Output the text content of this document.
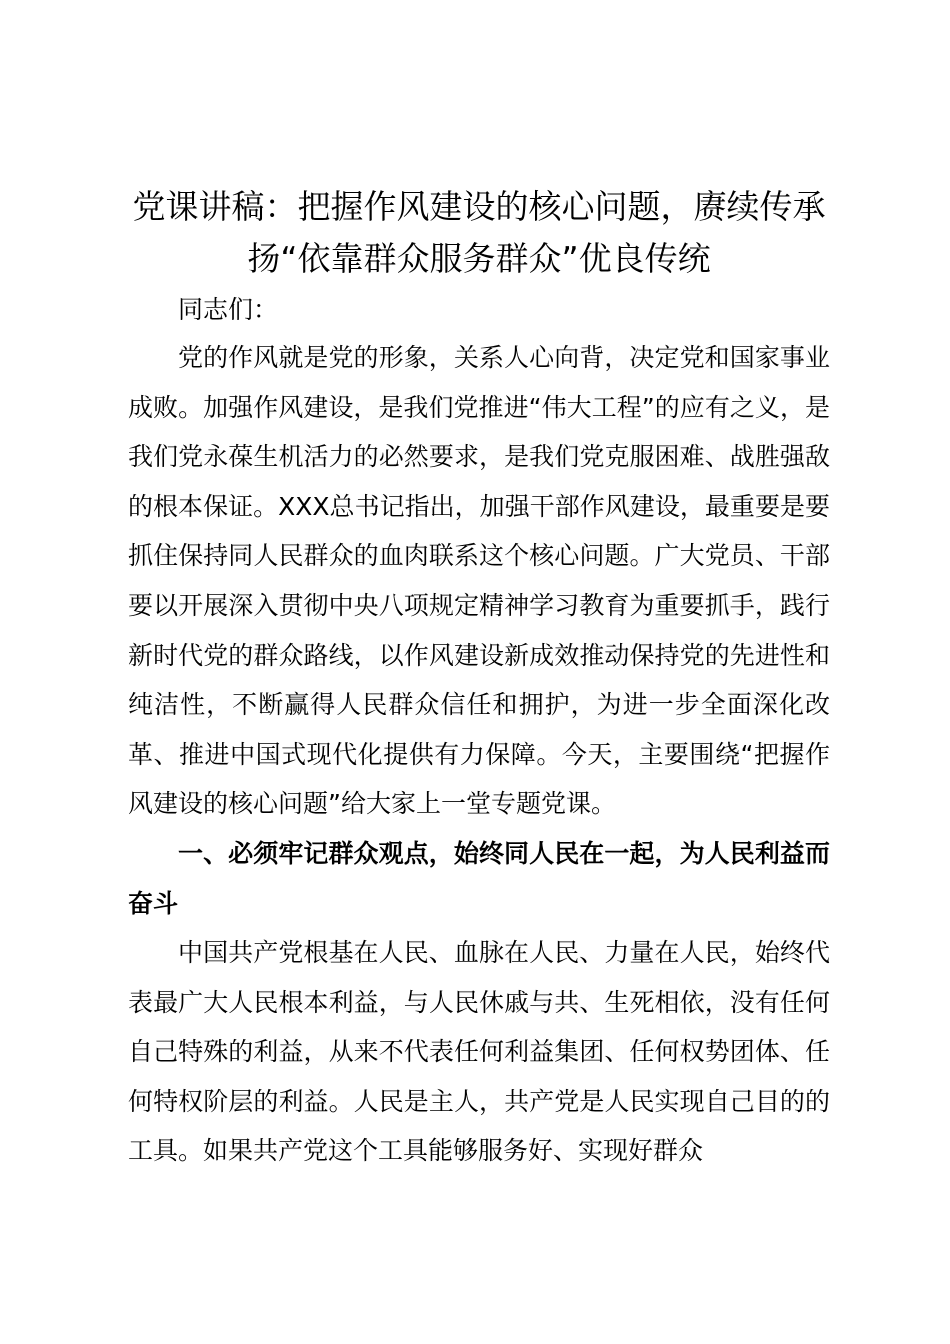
党课讲稿：把握作风建设的核心问题，赓续传承扬“依靠群众服务群众”优良传统

同志们：

党的作风就是党的形象，关系人心向背，决定党和国家事业成败。加强作风建设，是我们党推进“伟大工程”的应有之义，是我们党永葆生机活力的必然要求，是我们党克服困难、战胜强敌的根本保证。XXX总书记指出，加强干部作风建设，最重要是要抓住保持同人民群众的血肉联系这个核心问题。广大党员、干部要以开展深入贯彻中央八项规定精神学习教育为重要抓手，践行新时代党的群众路线，以作风建设新成效推动保持党的先进性和纯洁性，不断赢得人民群众信任和拥护，为进一步全面深化改革、推进中国式现代化提供有力保障。今天，主要围绕“把握作风建设的核心问题”给大家上一堂专题党课。

一、必须牢记群众观点，始终同人民在一起，为人民利益而奋斗

中国共产党根基在人民、血脉在人民、力量在人民，始终代表最广大人民根本利益，与人民休戚与共、生死相依，没有任何自己特殊的利益，从来不代表任何利益集团、任何权势团体、任何特权阶层的利益。人民是主人，共产党是人民实现自己目的的工具。如果共产党这个工具能够服务好、实现好群众
